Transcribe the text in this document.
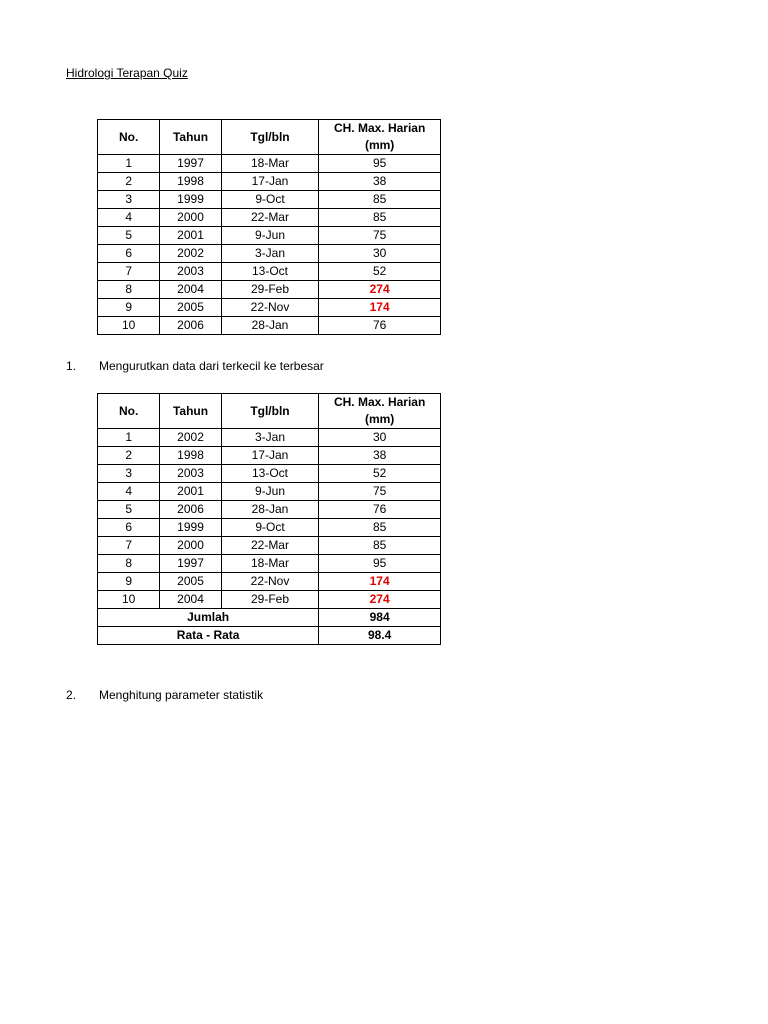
Hidrologi Terapan Quiz
No.	Tahun	Tgl/bln	CH. Max. Harian
(mm)
1	1997	18-Mar	95
2	1998	17-Jan	38
3	1999	9-Oct	85
4	2000	22-Mar	85
5	2001	9-Jun	75
6	2002	3-Jan	30
7	2003	13-Oct	52
8	2004	29-Feb	274
9	2005	22-Nov	174
10	2006	28-Jan	76
1. Mengurutkan data dari terkecil ke terbesar
No.	Tahun	Tgl/bln	CH. Max. Harian
(mm)
1	2002	3-Jan	30
2	1998	17-Jan	38
3	2003	13-Oct	52
4	2001	9-Jun	75
5	2006	28-Jan	76
6	1999	9-Oct	85
7	2000	22-Mar	85
8	1997	18-Mar	95
9	2005	22-Nov	174
10	2004	29-Feb	274
Jumlah			984
Rata - Rata			98.4
2. Menghitung parameter statistik
